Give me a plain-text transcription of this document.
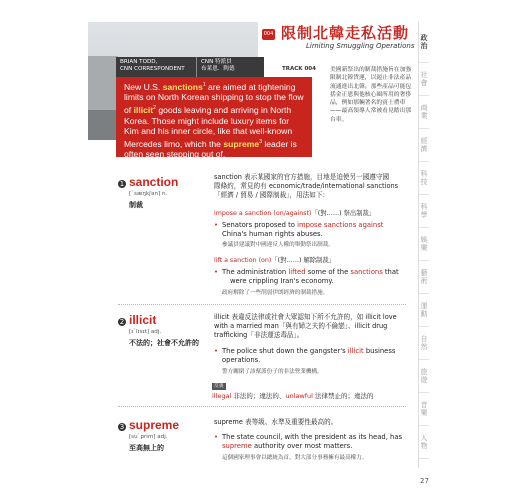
BRIAN TODD,
CNN CORRESPONDENT
CNN 特派員
布萊恩．陶德
New U.S. sanctions$^1$ are aimed at tightening limits on North Korean shipping to stop the flow of illicit$^2$ goods leaving and arriving in North Korea. Those might include luxury items for Kim and his inner circle, like that well-known Mercedes limo, which the supreme$^3$ leader is often seen stepping out of.
004 限制北韓走私活動
Limiting Smuggling Operations
TRACK 004 美國新祭出的制裁措施旨在加強限制北韓貨運，以遏止非法產品流通進出北韓。那些產品可能包括金正恩與他核心圈所用的奢侈品，例如那輛著名的賓士禮車——最高領導人常被看見踏出那台車。
政治
社會
商業
經濟
科技
科學
娛樂
藝術
運動
自然
旅遊
音樂
人物
1 sanction
[ˋsæŋkʃən] n.
制裁
sanction 表示某國家的官方措施，目地是迫使另一國遵守國
際條約，常見的有 economic/trade/international sanctions
「經濟 / 貿易 / 國際制裁」，用法如下：
impose a sanction (on/against)「(對……) 祭出制裁」
• Senators proposed to impose sanctions against
China's human rights abuses.
參議員建議對中國違反人權的舉動祭出制裁。
lift a sanction (on)「(對……) 解除制裁」
• The administration lifted some of the sanctions that
were crippling Iran's economy.
政府解除了一些削弱伊朗經濟的制裁措施。
2 illicit
[ɪˋlɪsɪt] adj.
不法的；社會不允許的
illicit 表違反法律或社會大眾認知下所不允許的，如 illicit love
with a married man「與有婦之夫的不倫戀」、illicit drug
trafficking「非法運送毒品」。
• The police shut down the gangster's illicit business
operations.
警方關閉了該幫派份子的非法營業機構。
反義
illegal 非法的；違法的、unlawful 法律禁止的；違法的
3 supreme
[suˋprim] adj.
至高無上的
supreme 表等級、水準及重要性最高的。
• The state council, with the president as its head, has
supreme authority over most matters.
這個國家理事會以總統為首，對大部分事務擁有最高權力。
27
